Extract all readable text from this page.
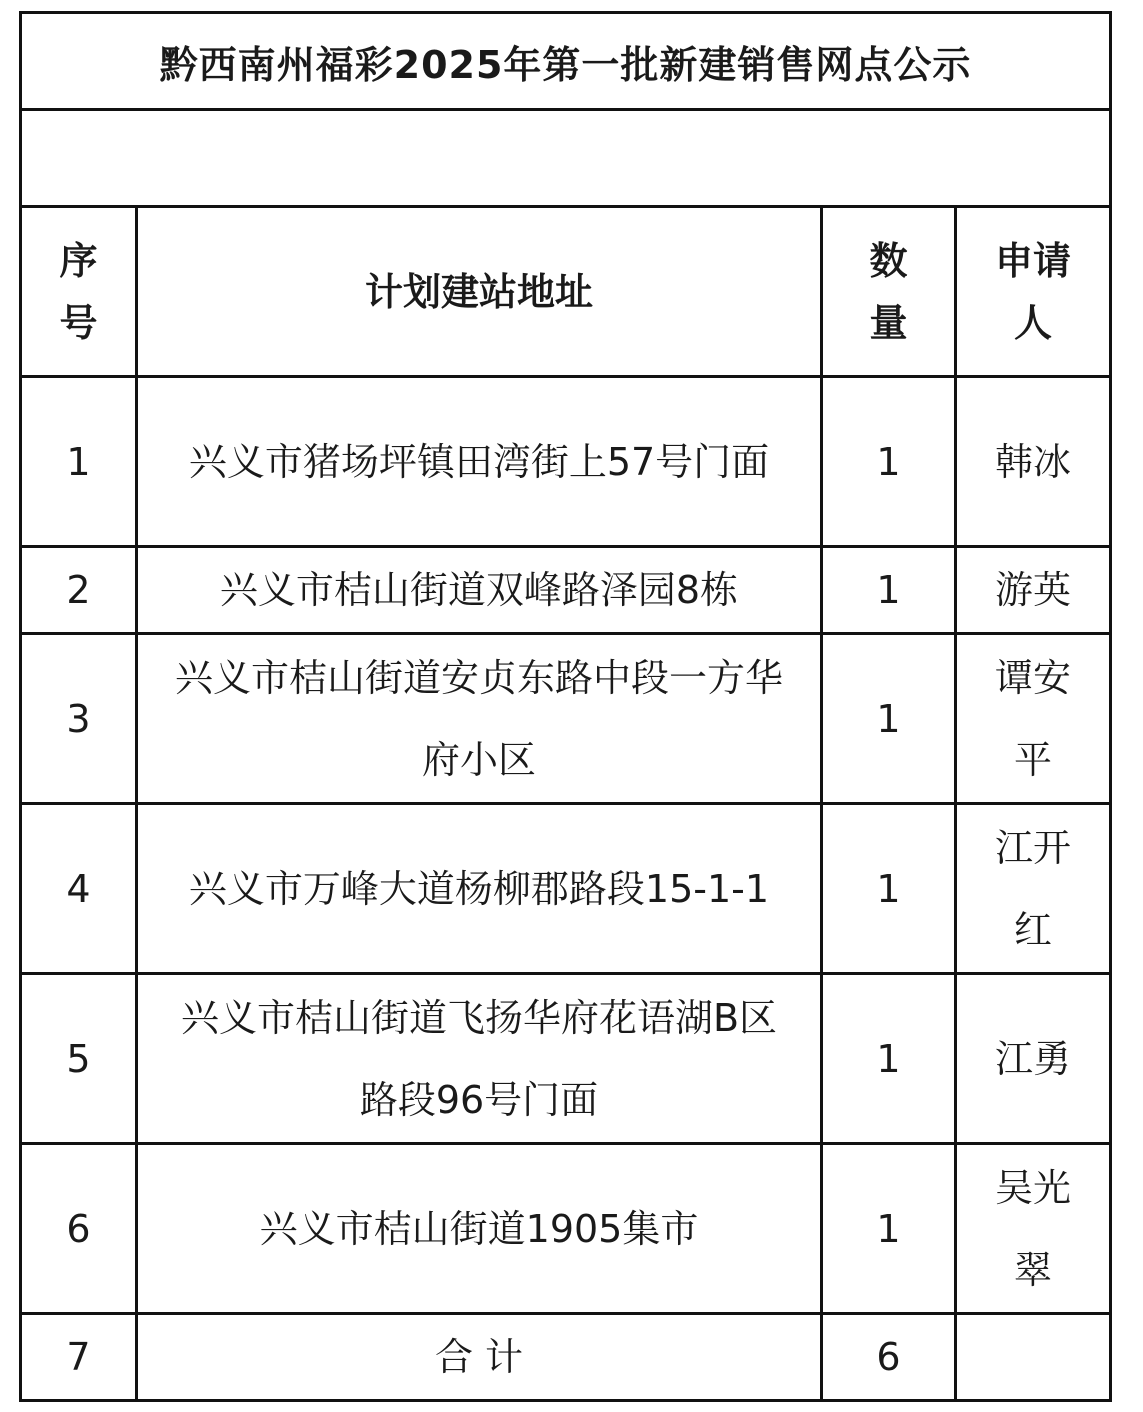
黔西南州福彩2025年第一批新建销售网点公示			

序号	计划建站地址	数量	申请人
1	兴义市猪场坪镇田湾街上57号门面	1	韩冰
2	兴义市桔山街道双峰路泽园8栋	1	游英
3	兴义市桔山街道安贞东路中段一方华府小区	1	谭安平
4	兴义市万峰大道杨柳郡路段15-1-1	1	江开红
5	兴义市桔山街道飞扬华府花语湖B区路段96号门面	1	江勇
6	兴义市桔山街道1905集市	1	吴光翠
7	合 计	6	
